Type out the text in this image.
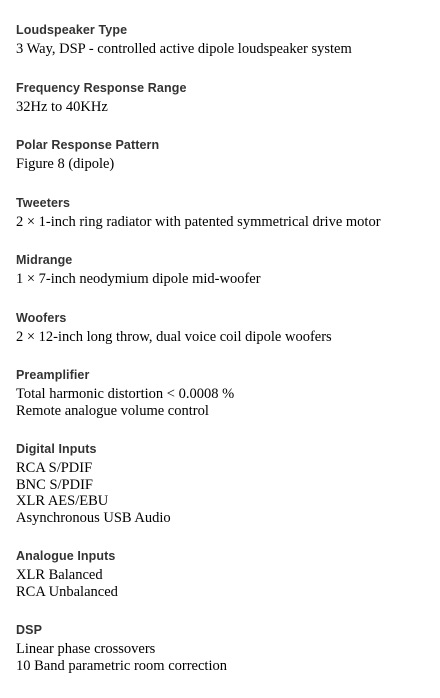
Loudspeaker Type
3 Way, DSP - controlled active dipole loudspeaker system
Frequency Response Range
32Hz to 40KHz
Polar Response Pattern
Figure 8 (dipole)
Tweeters
2 × 1-inch ring radiator with patented symmetrical drive motor
Midrange
1 × 7-inch neodymium dipole mid-woofer
Woofers
2 × 12-inch long throw, dual voice coil dipole woofers
Preamplifier
Total harmonic distortion < 0.0008 %
Remote analogue volume control
Digital Inputs
RCA S/PDIF
BNC S/PDIF
XLR AES/EBU
Asynchronous USB Audio
Analogue Inputs
XLR Balanced
RCA Unbalanced
DSP
Linear phase crossovers
10 Band parametric room correction
